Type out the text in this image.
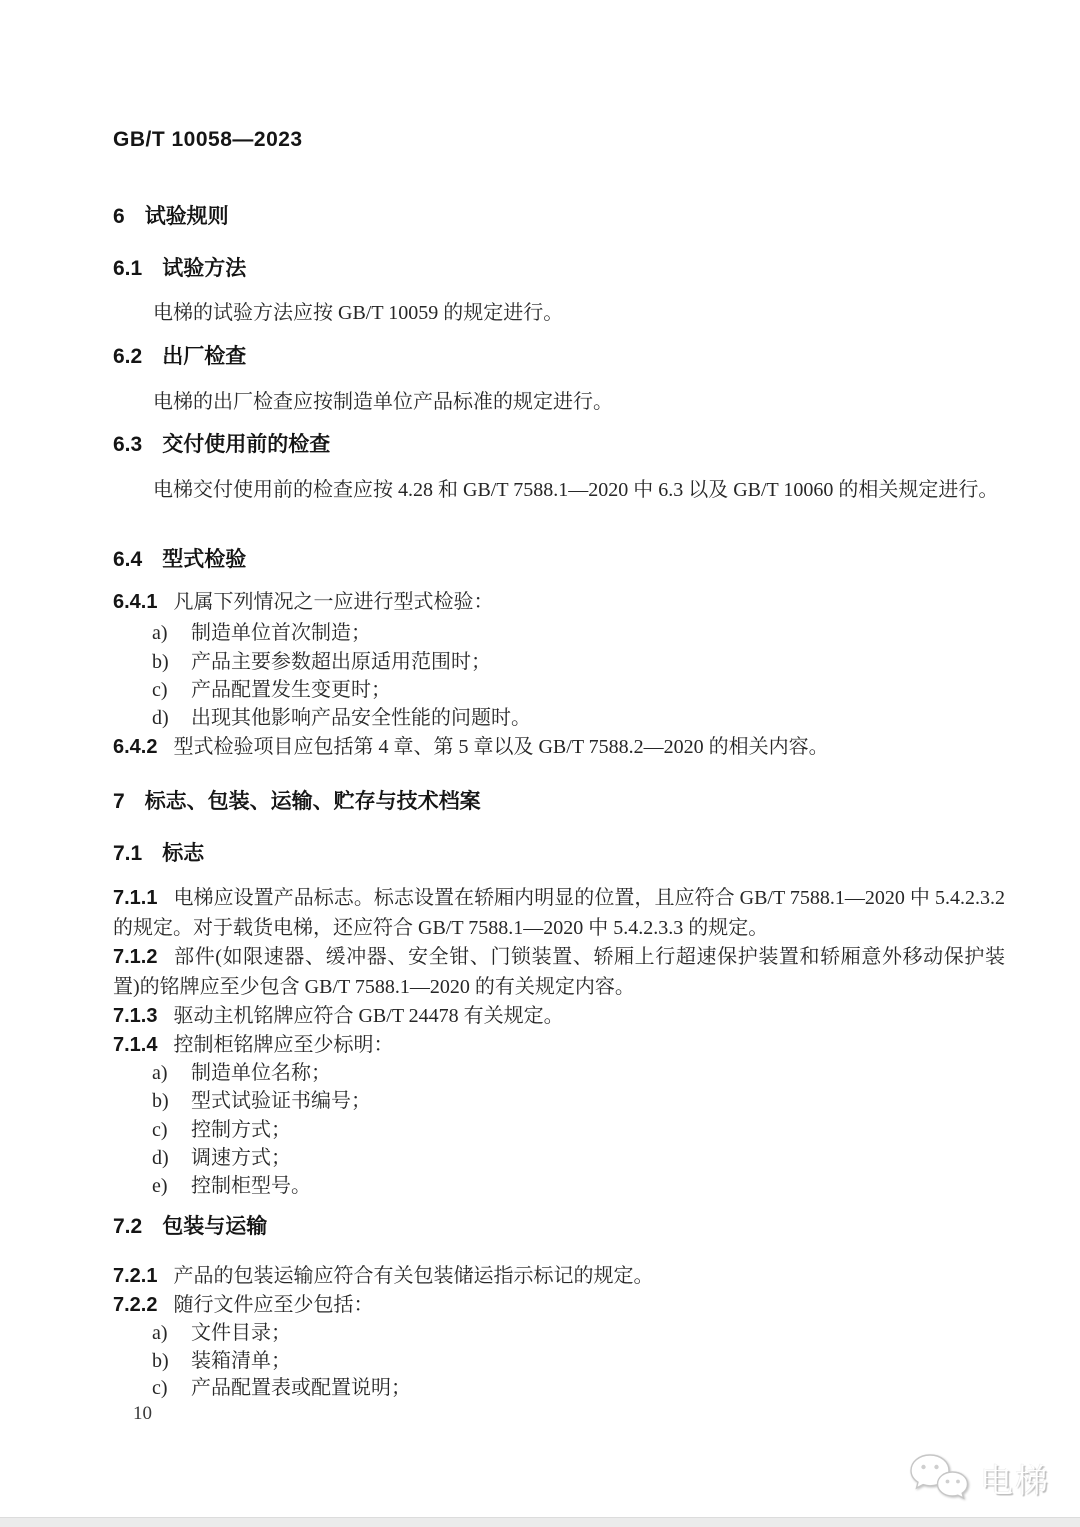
GB/T 10058—2023
6 试验规则
6.1 试验方法
电梯的试验方法应按 GB/T 10059 的规定进行。
6.2 出厂检查
电梯的出厂检查应按制造单位产品标准的规定进行。
6.3 交付使用前的检查
电梯交付使用前的检查应按 4.28 和 GB/T 7588.1—2020 中 6.3 以及 GB/T 10060 的相关规定进行。
6.4 型式检验
6.4.1 凡属下列情况之一应进行型式检验：
a) 制造单位首次制造；
b) 产品主要参数超出原适用范围时；
c) 产品配置发生变更时；
d) 出现其他影响产品安全性能的问题时。
6.4.2 型式检验项目应包括第 4 章、第 5 章以及 GB/T 7588.2—2020 的相关内容。
7 标志、包装、运输、贮存与技术档案
7.1 标志
7.1.1 电梯应设置产品标志。标志设置在轿厢内明显的位置，且应符合 GB/T 7588.1—2020 中 5.4.2.3.2 的规定。对于载货电梯，还应符合 GB/T 7588.1—2020 中 5.4.2.3.3 的规定。
7.1.2 部件(如限速器、缓冲器、安全钳、门锁装置、轿厢上行超速保护装置和轿厢意外移动保护装置)的铭牌应至少包含 GB/T 7588.1—2020 的有关规定内容。
7.1.3 驱动主机铭牌应符合 GB/T 24478 有关规定。
7.1.4 控制柜铭牌应至少标明：
a) 制造单位名称；
b) 型式试验证书编号；
c) 控制方式；
d) 调速方式；
e) 控制柜型号。
7.2 包装与运输
7.2.1 产品的包装运输应符合有关包装储运指示标记的规定。
7.2.2 随行文件应至少包括：
a) 文件目录；
b) 装箱清单；
c) 产品配置表或配置说明；
10
电梯
